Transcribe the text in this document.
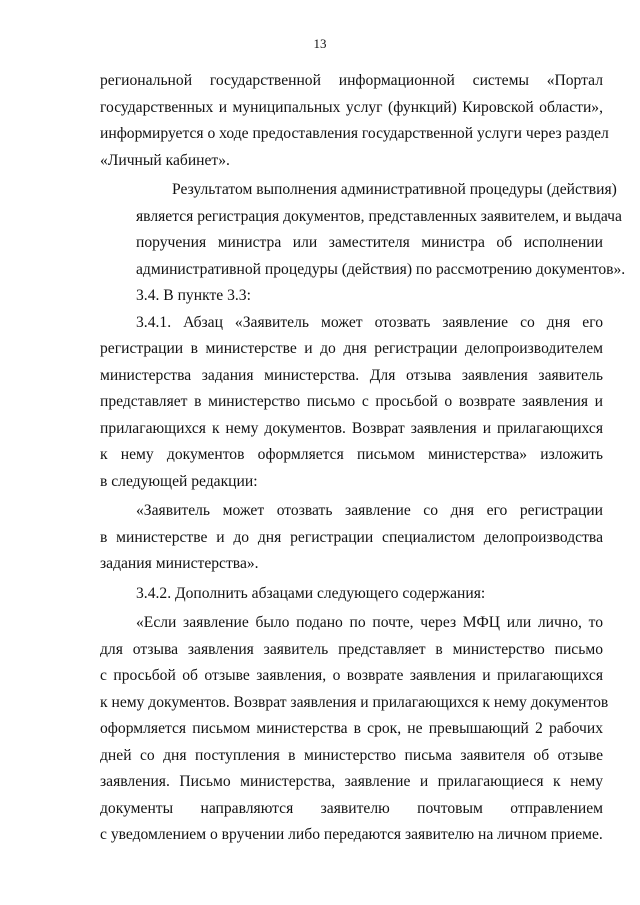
13
региональной государственной информационной системы «Портал
государственных и муниципальных услуг (функций) Кировской области»,
информируется о ходе предоставления государственной услуги через раздел
«Личный кабинет».
Результатом выполнения административной процедуры (действия)
является регистрация документов, представленных заявителем, и выдача
поручения министра или заместителя министра об исполнении
административной процедуры (действия) по рассмотрению документов».
3.4. В пункте 3.3:
3.4.1. Абзац «Заявитель может отозвать заявление со дня его
регистрации в министерстве и до дня регистрации делопроизводителем
министерства задания министерства. Для отзыва заявления заявитель
представляет в министерство письмо с просьбой о возврате заявления и
прилагающихся к нему документов. Возврат заявления и прилагающихся
к нему документов оформляется письмом министерства» изложить
в следующей редакции:
«Заявитель может отозвать заявление со дня его регистрации
в министерстве и до дня регистрации специалистом делопроизводства
задания министерства».
3.4.2. Дополнить абзацами следующего содержания:
«Если заявление было подано по почте, через МФЦ или лично, то
для отзыва заявления заявитель представляет в министерство письмо
с просьбой об отзыве заявления, о возврате заявления и прилагающихся
к нему документов. Возврат заявления и прилагающихся к нему документов
оформляется письмом министерства в срок, не превышающий 2 рабочих
дней со дня поступления в министерство письма заявителя об отзыве
заявления. Письмо министерства, заявление и прилагающиеся к нему
документы направляются заявителю почтовым отправлением
с уведомлением о вручении либо передаются заявителю на личном приеме.
